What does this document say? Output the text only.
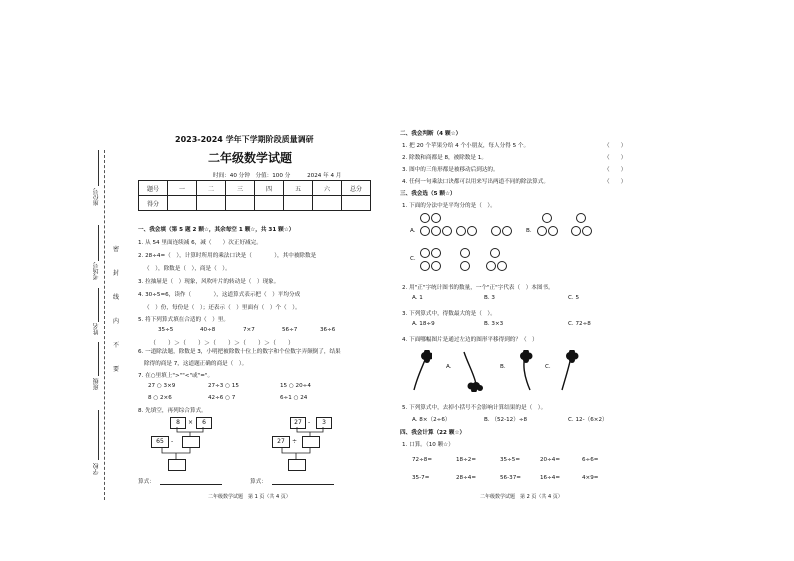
座位号
考场号
姓名
班级
学校
密
封
线
内
不
要
2023-2024 学年下学期阶段质量调研
二年级数学试题
时间：40 分钟　分值：100 分　　　2024 年 4 月
题号	一	二	三	四	五	六	总分
得分							
一、我会填（第 5 题 2 颗☆，其余每空 1 颗☆，共 31 颗☆）
1. 从 54 里面连续减 6，减（　　）次正好减完。
2. 28÷4=（　），计算时所用的乘法口诀是（　　　　），其中被除数是
（　），除数是（　），商是（　）。
3. 拉抽屉是（　）现象，风吹叶片的转动是（　）现象。
4. 30÷5=6，读作（　　　　），这道算式表示把（　）平均分成
（　）份，每份是（　）；还表示（　）里面有（　）个（　）。
5. 将下列算式填在合适的（　）里。
35÷5	40÷8	7×7	56÷7	36÷6
（　　）＞（　　）＞（　　）＞（　　）＞（　　）
6. 一道除法题，除数是 3，小明把被除数十位上的数字和个位数字弄颠倒了，结果
除得的商是 7，这道题正确的商是（　）。
7. 在○里填上">""<"或"="。
27 ○ 3×9	27÷3 ○ 15	15 ○ 20÷4
8 ○ 2×6	42÷6 ○ 7	6÷1 ○ 24
8. 先填空，再列综合算式。
8	×	6
65	-
27	-	3
27	÷
算式：	算式：
二年级数学试题　第 1 页（共 4 页）
二、我会判断（4 颗☆）
1. 把 20 个苹果分给 4 个小朋友，每人分得 5 个。	（　　）
2. 除数和商都是 8，被除数是 1。	（　　）
3. 图中的三角形都是被移动后到达的。	（　　）
4. 任何一句乘法口诀都可以用来写出两道不同的除法算式。	（　　）
三、我会选（5 颗☆）
1. 下面的分法中是平均分的是（　）。
A.	B.
C.
2. 用"正"字统计图书的数量，一个"正"字代表（　）本图书。
A. 1	B. 3	C. 5
3. 下列算式中，得数最大的是（　）。
A. 18÷9	B. 3×3	C. 72÷8
4. 下面哪幅图片是通过左边的图形平移得到的？（　）
A.	B.	C.
5. 下列算式中，去掉小括号不会影响计算结果的是（　）。
A. 8×（2÷6）	B. （52-12）÷8	C. 12-（6×2）
四、我会计算（22 颗☆）
1. 口算。（10 颗☆）
72÷8=	18÷2=	35÷5=	20÷4=	6÷6=
35-7=	28÷4=	56-37=	16÷4=	4×9=
二年级数学试题　第 2 页（共 4 页）
